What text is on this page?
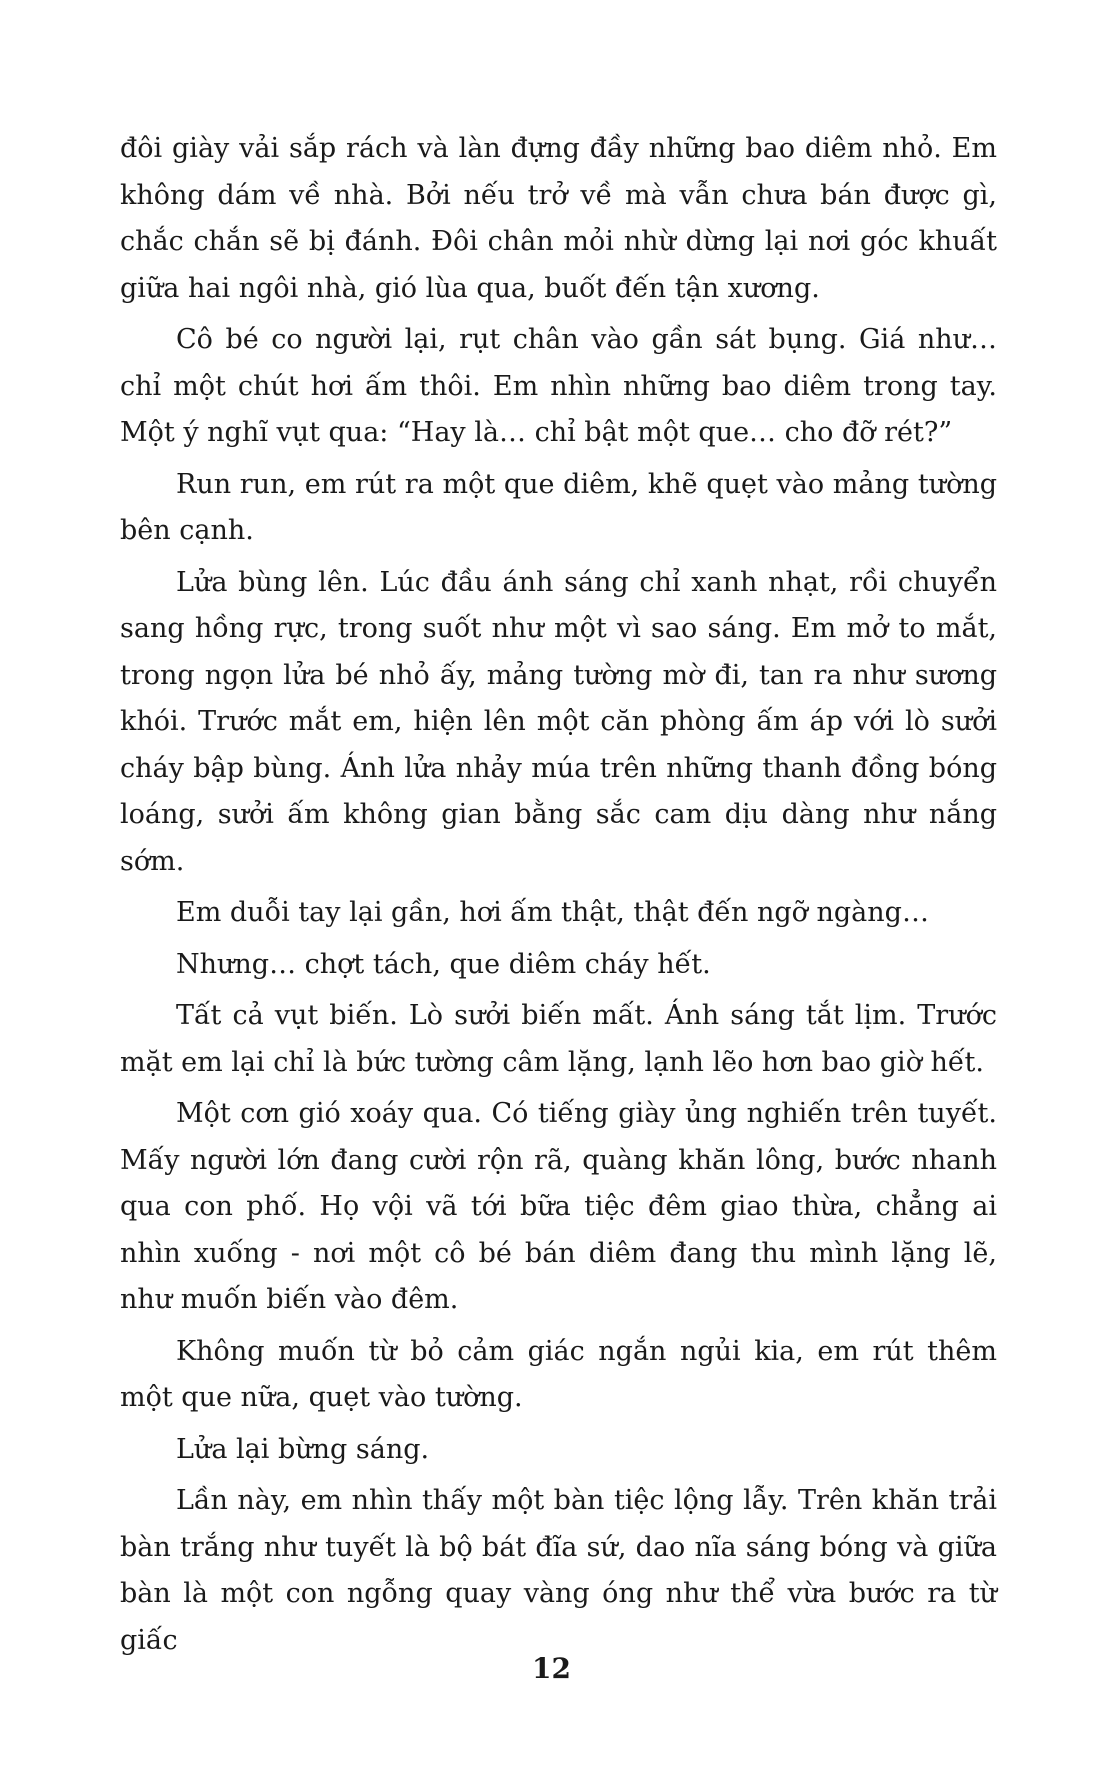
đôi giày vải sắp rách và làn đựng đầy những bao diêm nhỏ. Em không dám về nhà. Bởi nếu trở về mà vẫn chưa bán được gì, chắc chắn sẽ bị đánh. Đôi chân mỏi nhừ dừng lại nơi góc khuất giữa hai ngôi nhà, gió lùa qua, buốt đến tận xương.

Cô bé co người lại, rụt chân vào gần sát bụng. Giá như… chỉ một chút hơi ấm thôi. Em nhìn những bao diêm trong tay. Một ý nghĩ vụt qua: “Hay là… chỉ bật một que… cho đỡ rét?”

Run run, em rút ra một que diêm, khẽ quẹt vào mảng tường bên cạnh.

Lửa bùng lên. Lúc đầu ánh sáng chỉ xanh nhạt, rồi chuyển sang hồng rực, trong suốt như một vì sao sáng. Em mở to mắt, trong ngọn lửa bé nhỏ ấy, mảng tường mờ đi, tan ra như sương khói. Trước mắt em, hiện lên một căn phòng ấm áp với lò sưởi cháy bập bùng. Ánh lửa nhảy múa trên những thanh đồng bóng loáng, sưởi ấm không gian bằng sắc cam dịu dàng như nắng sớm.

Em duỗi tay lại gần, hơi ấm thật, thật đến ngỡ ngàng…

Nhưng… chợt tách, que diêm cháy hết.

Tất cả vụt biến. Lò sưởi biến mất. Ánh sáng tắt lịm. Trước mặt em lại chỉ là bức tường câm lặng, lạnh lẽo hơn bao giờ hết.

Một cơn gió xoáy qua. Có tiếng giày ủng nghiến trên tuyết. Mấy người lớn đang cười rộn rã, quàng khăn lông, bước nhanh qua con phố. Họ vội vã tới bữa tiệc đêm giao thừa, chẳng ai nhìn xuống - nơi một cô bé bán diêm đang thu mình lặng lẽ, như muốn biến vào đêm.

Không muốn từ bỏ cảm giác ngắn ngủi kia, em rút thêm một que nữa, quẹt vào tường.

Lửa lại bừng sáng.

Lần này, em nhìn thấy một bàn tiệc lộng lẫy. Trên khăn trải bàn trắng như tuyết là bộ bát đĩa sứ, dao nĩa sáng bóng và giữa bàn là một con ngỗng quay vàng óng như thể vừa bước ra từ giấc

12
